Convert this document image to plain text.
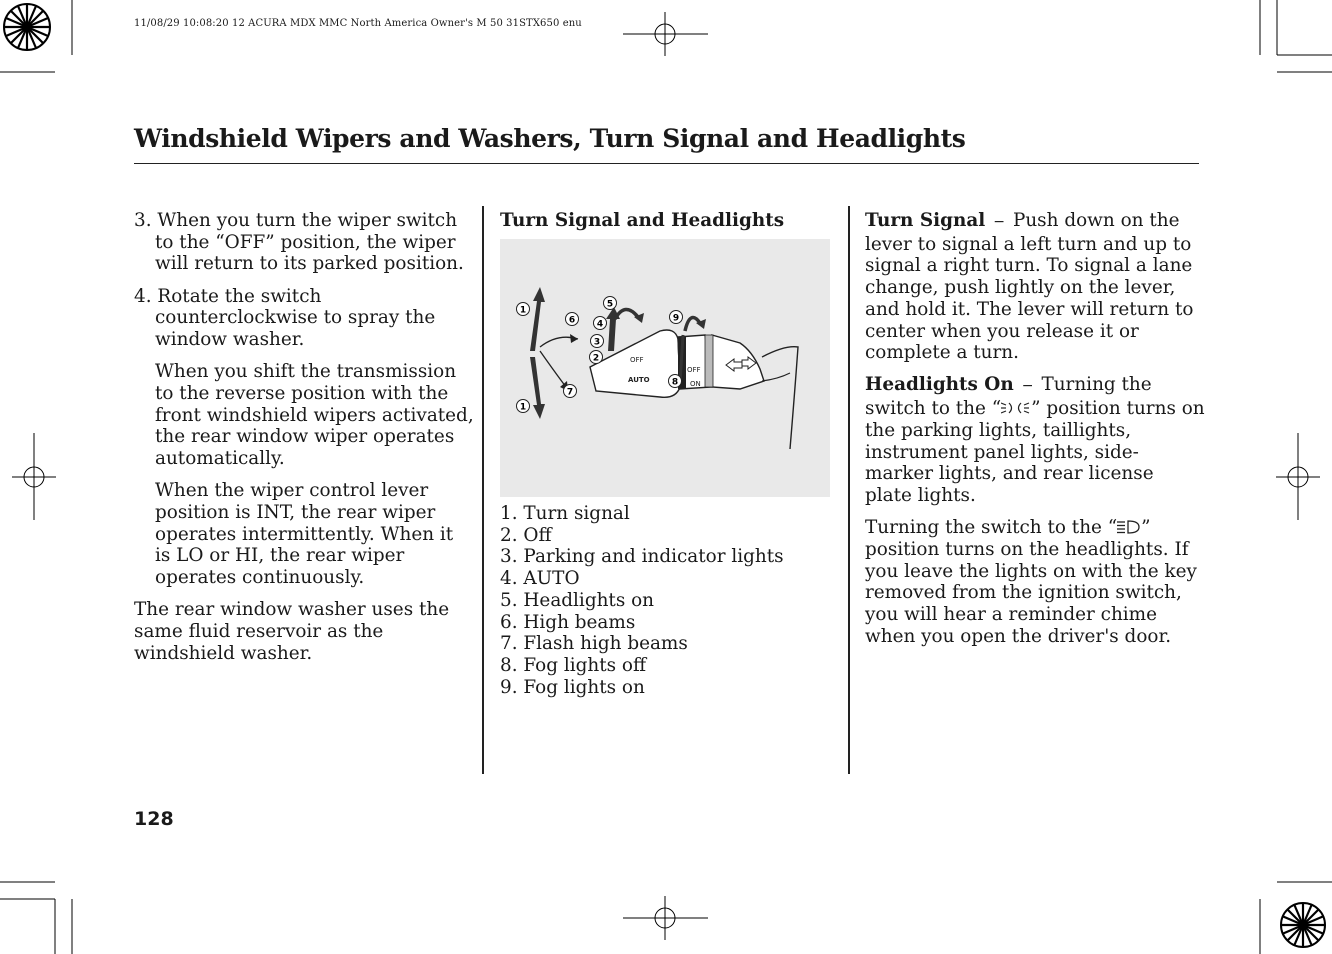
11/08/29 10:08:20 12 ACURA MDX MMC North America Owner's M 50 31STX650 enu
Windshield Wipers and Washers, Turn Signal and Headlights

3. When you turn the wiper switch to the “OFF” position, the wiper will return to its parked position.

4. Rotate the switch counterclockwise to spray the window washer.

When you shift the transmission to the reverse position with the front windshield wipers activated, the rear window wiper operates automatically.

When the wiper control lever position is INT, the rear wiper operates intermittently. When it is LO or HI, the rear wiper operates continuously.

The rear window washer uses the same fluid reservoir as the windshield washer.

Turn Signal and Headlights

OFF
AUTO
OFF
ON
1
1
2
3
4
5
6
7
8
9
1. Turn signal
2. Off
3. Parking and indicator lights
4. AUTO
5. Headlights on
6. High beams
7. Flash high beams
8. Fog lights off
9. Fog lights on

Turn Signal − Push down on the lever to signal a left turn and up to signal a right turn. To signal a lane change, push lightly on the lever, and hold it. The lever will return to center when you release it or complete a turn.

Headlights On − Turning the switch to the “ ” position turns on the parking lights, taillights, instrument panel lights, side-marker lights, and rear license plate lights.

Turning the switch to the “ ” position turns on the headlights. If you leave the lights on with the key removed from the ignition switch, you will hear a reminder chime when you open the driver's door.

128
